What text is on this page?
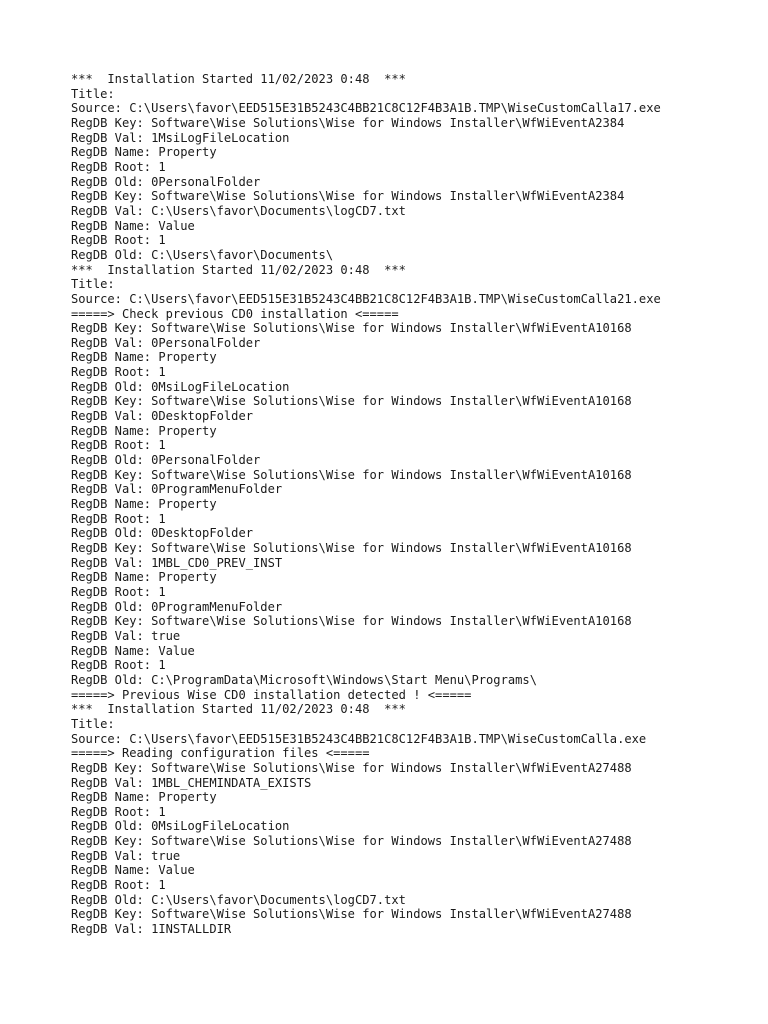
***  Installation Started 11/02/2023 0:48  ***
Title:
Source: C:\Users\favor\EED515E31B5243C4BB21C8C12F4B3A1B.TMP\WiseCustomCalla17.exe
RegDB Key: Software\Wise Solutions\Wise for Windows Installer\WfWiEventA2384
RegDB Val: 1MsiLogFileLocation
RegDB Name: Property
RegDB Root: 1
RegDB Old: 0PersonalFolder
RegDB Key: Software\Wise Solutions\Wise for Windows Installer\WfWiEventA2384
RegDB Val: C:\Users\favor\Documents\logCD7.txt
RegDB Name: Value
RegDB Root: 1
RegDB Old: C:\Users\favor\Documents\
***  Installation Started 11/02/2023 0:48  ***
Title:
Source: C:\Users\favor\EED515E31B5243C4BB21C8C12F4B3A1B.TMP\WiseCustomCalla21.exe
=====> Check previous CD0 installation <=====
RegDB Key: Software\Wise Solutions\Wise for Windows Installer\WfWiEventA10168
RegDB Val: 0PersonalFolder
RegDB Name: Property
RegDB Root: 1
RegDB Old: 0MsiLogFileLocation
RegDB Key: Software\Wise Solutions\Wise for Windows Installer\WfWiEventA10168
RegDB Val: 0DesktopFolder
RegDB Name: Property
RegDB Root: 1
RegDB Old: 0PersonalFolder
RegDB Key: Software\Wise Solutions\Wise for Windows Installer\WfWiEventA10168
RegDB Val: 0ProgramMenuFolder
RegDB Name: Property
RegDB Root: 1
RegDB Old: 0DesktopFolder
RegDB Key: Software\Wise Solutions\Wise for Windows Installer\WfWiEventA10168
RegDB Val: 1MBL_CD0_PREV_INST
RegDB Name: Property
RegDB Root: 1
RegDB Old: 0ProgramMenuFolder
RegDB Key: Software\Wise Solutions\Wise for Windows Installer\WfWiEventA10168
RegDB Val: true
RegDB Name: Value
RegDB Root: 1
RegDB Old: C:\ProgramData\Microsoft\Windows\Start Menu\Programs\
=====> Previous Wise CD0 installation detected ! <=====
***  Installation Started 11/02/2023 0:48  ***
Title:
Source: C:\Users\favor\EED515E31B5243C4BB21C8C12F4B3A1B.TMP\WiseCustomCalla.exe
=====> Reading configuration files <=====
RegDB Key: Software\Wise Solutions\Wise for Windows Installer\WfWiEventA27488
RegDB Val: 1MBL_CHEMINDATA_EXISTS
RegDB Name: Property
RegDB Root: 1
RegDB Old: 0MsiLogFileLocation
RegDB Key: Software\Wise Solutions\Wise for Windows Installer\WfWiEventA27488
RegDB Val: true
RegDB Name: Value
RegDB Root: 1
RegDB Old: C:\Users\favor\Documents\logCD7.txt
RegDB Key: Software\Wise Solutions\Wise for Windows Installer\WfWiEventA27488
RegDB Val: 1INSTALLDIR
